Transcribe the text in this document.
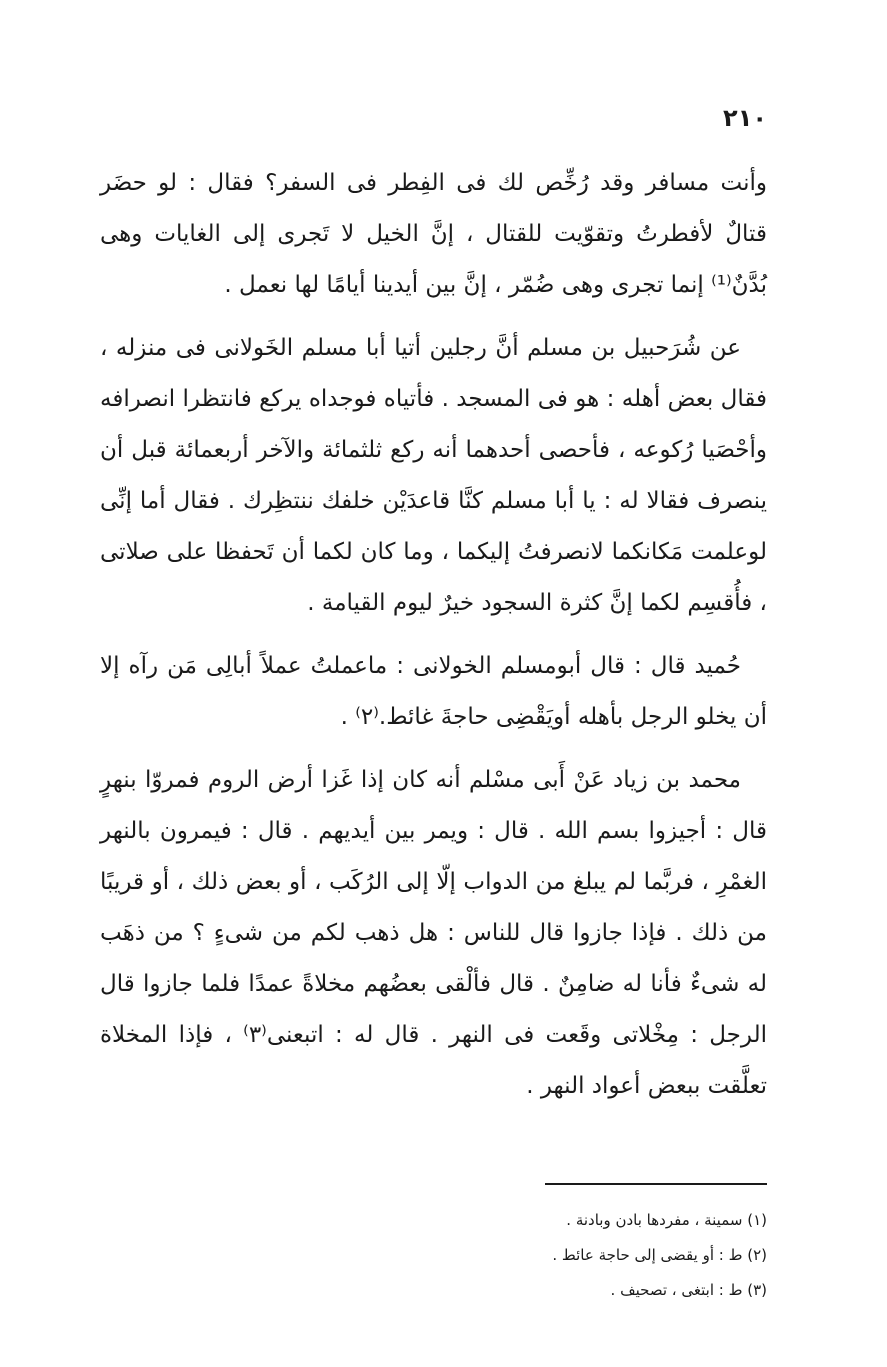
٢١٠

وأنت مسافر وقد رُخِّص لك فى الفِطر فى السفر؟ فقال : لو حضَر قتالٌ لأفطرتُ وتقوّيت للقتال ، إنَّ الخيل لا تَجرى إلى الغايات وهى بُدَّنٌ⁽¹⁾ إنما تجرى وهى ضُمّر ، إنَّ بين أيدينا أيامًا لها نعمل .

عن شُرَحبيل بن مسلم أنَّ رجلين أتيا أبا مسلم الخَولانى فى منزله ، فقال بعض أهله : هو فى المسجد . فأتياه فوجداه يركع فانتظرا انصرافه وأحْصَيا رُكوعه ، فأحصى أحدهما أنه ركع ثلثمائة والآخر أربعمائة قبل أن ينصرف فقالا له : يا أبا مسلم كنَّا قاعدَيْن خلفك ننتظِرك . فقال أما إنِّى لوعلمت مَكانكما لانصرفتُ إليكما ، وما كان لكما أن تَحفظا على صلاتى ، فأُقسِم لكما إنَّ كثرة السجود خيرٌ ليوم القيامة .

حُميد قال : قال أبومسلم الخولانى : ماعملتُ عملاً أبالِى مَن رآه إلا أن يخلو الرجل بأهله أويَقْضِى حاجةَ غائط.⁽٢⁾ .

محمد بن زياد عَنْ أَبى مسْلم أنه كان إذا غَزا أرض الروم فمروّا بنهرٍ قال : أجيزوا بسم الله . قال : ويمر بين أيديهم . قال : فيمرون بالنهر الغمْرِ ، فربَّما لم يبلغ من الدواب إلّا إلى الرُكَب ، أو بعض ذلك ، أو قريبًا من ذلك . فإذا جازوا قال للناس : هل ذهب لكم من شىءٍ ؟ من ذهَب له شىءٌ فأنا له ضامِنٌ . قال فألْقى بعضُهم مخلاةً عمدًا فلما جازوا قال الرجل : مِخْلاتى وقَعت فى النهر . قال له : اتبعنى⁽٣⁾ ، فإذا المخلاة تعلَّقت ببعض أعواد النهر .

(١) سمينة ، مفردها بادن وبادنة .

(٢) ط : أو يقضى إلى حاجة عائط .

(٣) ط : ابتغى ، تصحيف .
